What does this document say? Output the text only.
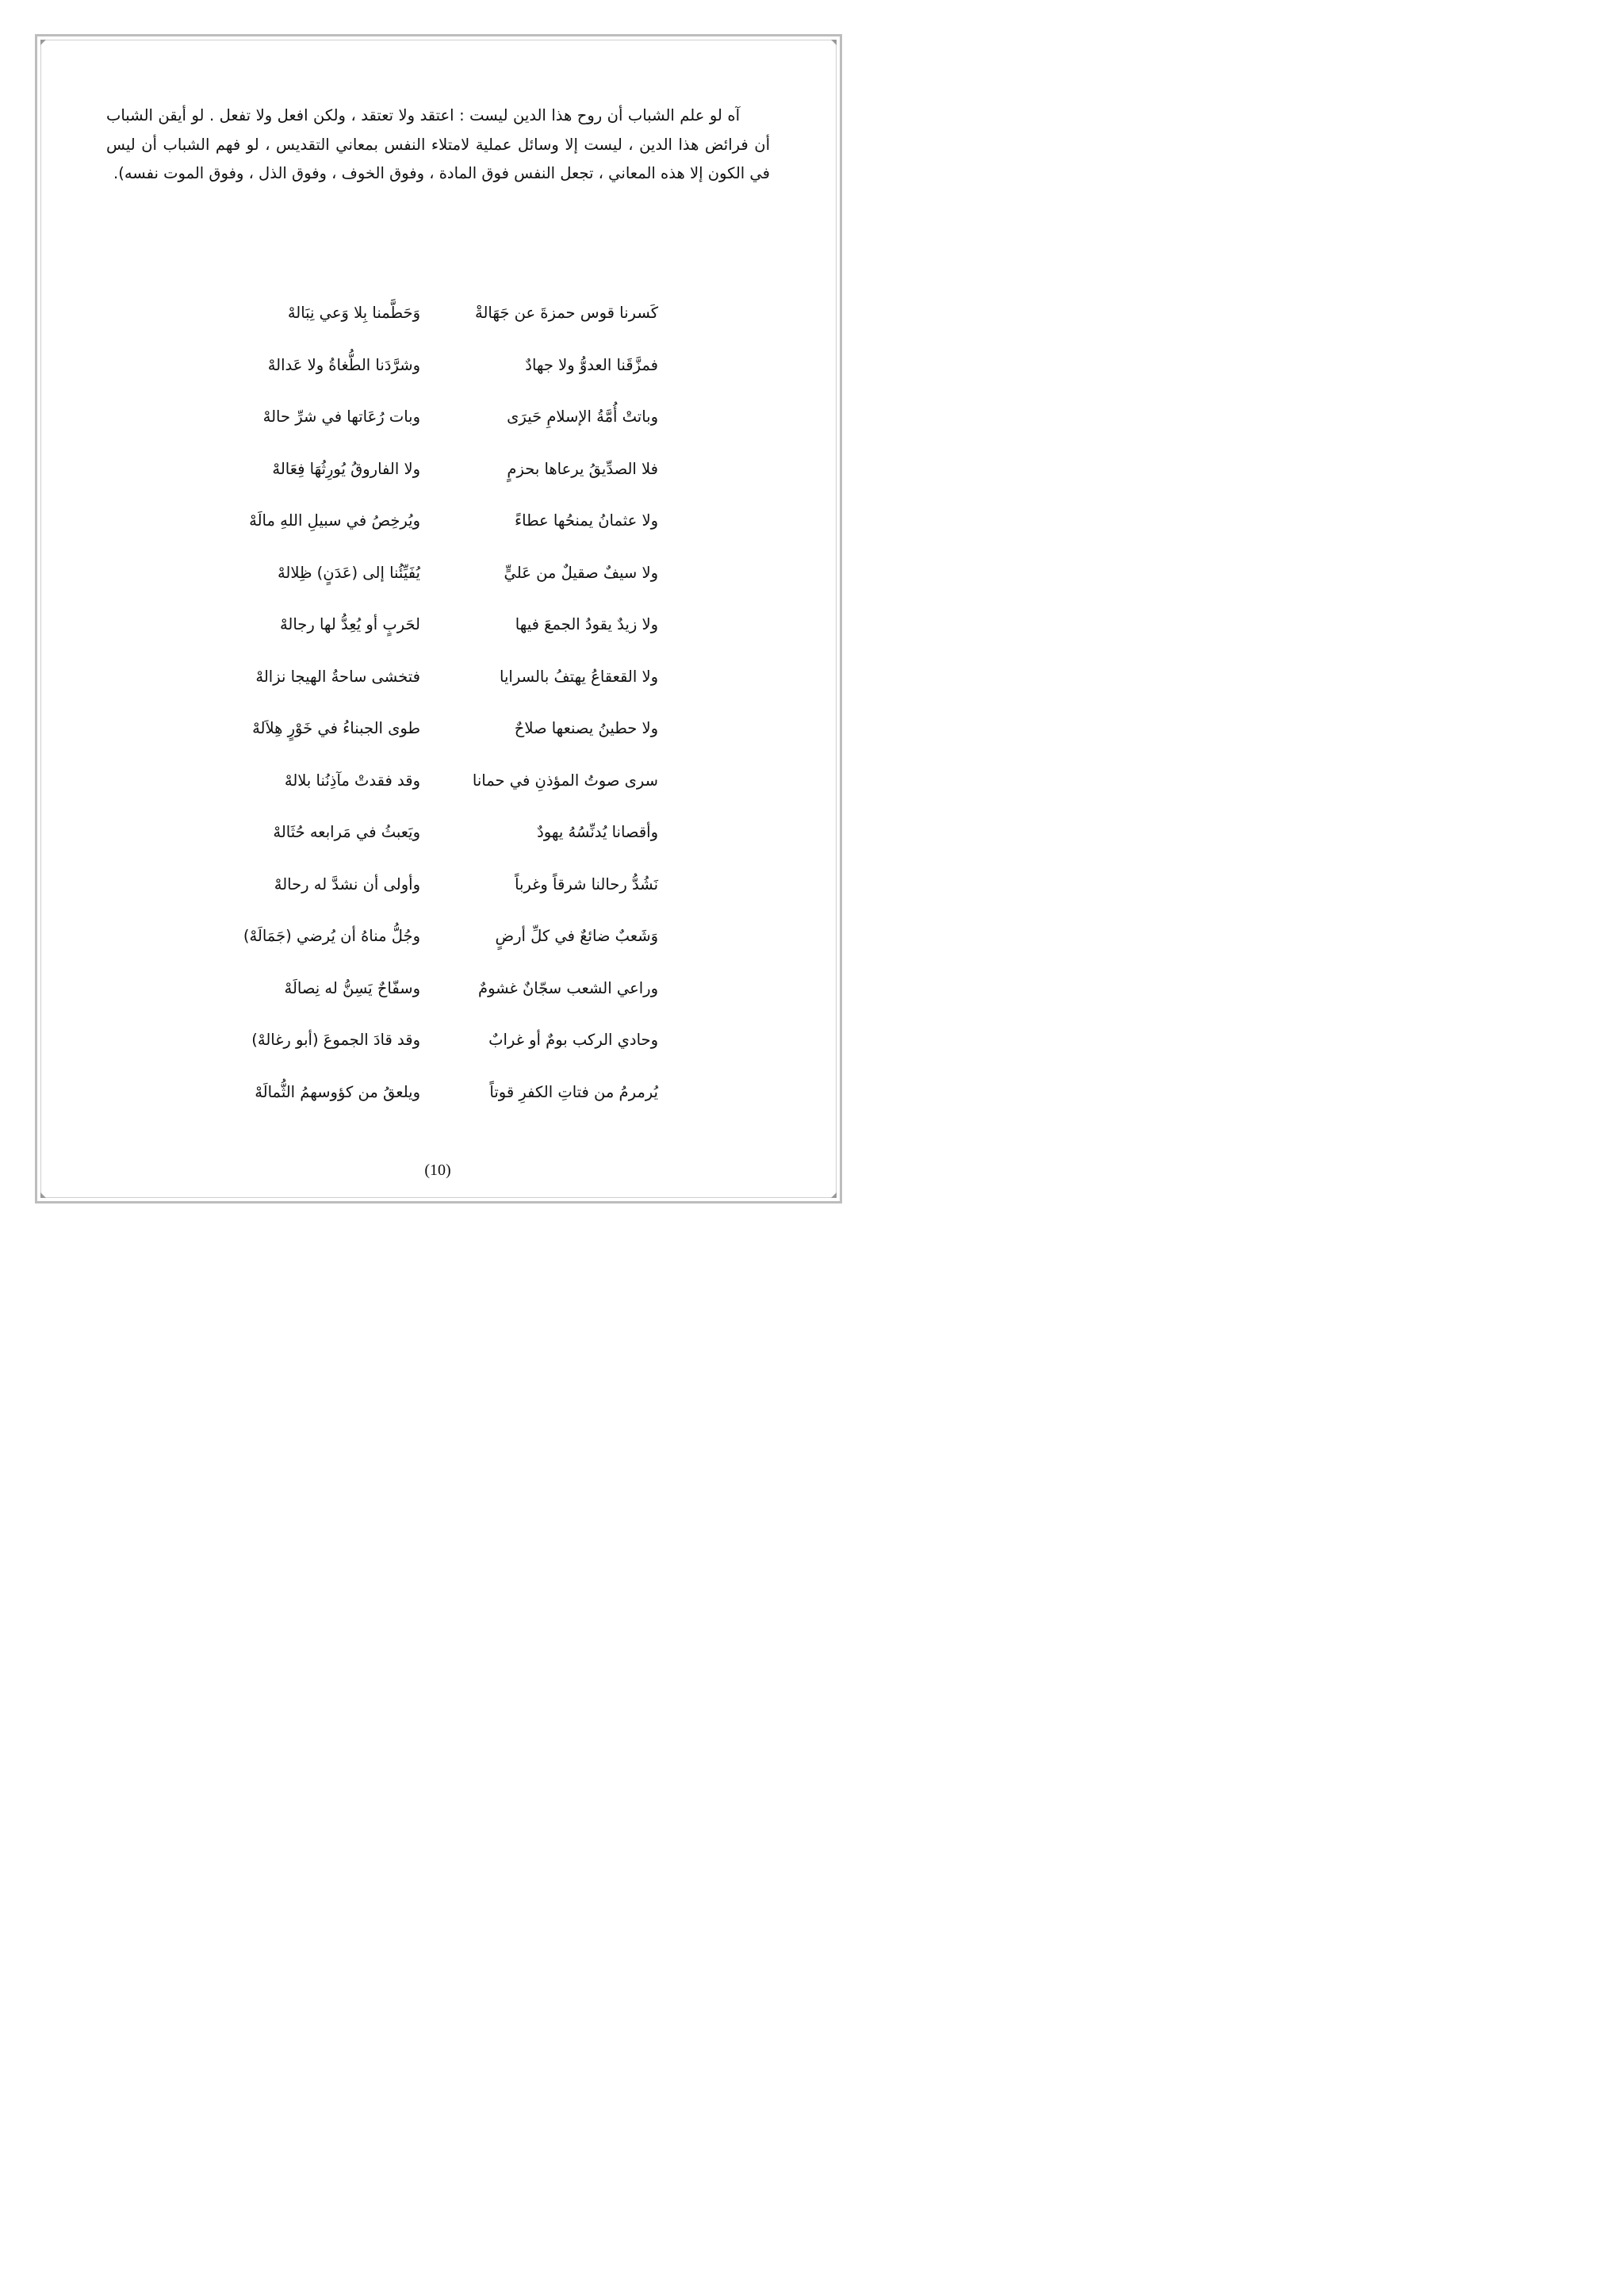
آه لو علم الشباب أن روح هذا الدين ليست : اعتقد ولا تعتقد ، ولكن افعل ولا تفعل . لو أيقن الشباب أن فرائض هذا الدين ، ليست إلا وسائل عملية لامتلاء النفس بمعاني التقديس ، لو فهم الشباب أن ليس في الكون إلا هذه المعاني ، تجعل النفس فوق المادة ، وفوق الخوف ، وفوق الذل ، وفوق الموت نفسه).

كَسرنا قوس حمزةَ عن جَهَالةْ
وَحَطَّمنا بِلا وَعي نِبَالهْ
فمزَّقَنا العدوُّ ولا جهادٌ
وشرَّدَنا الطُّغاةُ ولا عَدالهْ
وباتتْ أُمَّةُ الإسلامِ حَيرَى
وبات رُعَاتها في شرِّ حالهْ
فلا الصدِّيقُ يرعاها بحزمٍ
ولا الفاروقُ يُورِثُهَا فِعَالهْ
ولا عثمانُ يمنحُها عطاءً
ويُرخِصُ في سبيلِ اللهِ مالَهْ
ولا سيفٌ صقيلٌ من عَليٍّ
يُفَيِّئُنا إلى (عَدَنٍ) ظِلالهْ
ولا زيدٌ يقودُ الجمعَ فيها
لحَربٍ أو يُعِدُّ لها رجالهْ
ولا القعقاعُ يهتفُ بالسرايا
فتخشى ساحةُ الهيجا نزالهْ
ولا حطينُ يصنعها صلاحٌ
طوى الجبناءُ في خَوْرٍ هِلاَلهْ
سرى صوتُ المؤذنِ في حمانا
وقد فقدتْ مآذِنُنا بلالهْ
وأقصانا يُدنِّسُهُ يهودٌ
ويَعبثُ في مَرابعه حُثَالهْ
نَشُدُّ رحالنا شرقاً وغرباً
وأولى أن نشدَّ له رحالهْ
وَشَعبٌ ضائعٌ في كلِّ أرضٍ
وجُلُّ مناهُ أن يُرضي (جَمَالَهْ)
وراعي الشعب سجّانٌ غشومٌ
وسفّاحٌ يَسِنُّ له نِصالَهْ
وحادي الركب بومٌ أو غرابٌ
وقد قادَ الجموعَ (أبو رغالهْ)
يُرمرمُ من فتاتِ الكفرِ قوتاً
ويلعقُ من كؤوسهمُ الثُّمالَهْ
(10)
